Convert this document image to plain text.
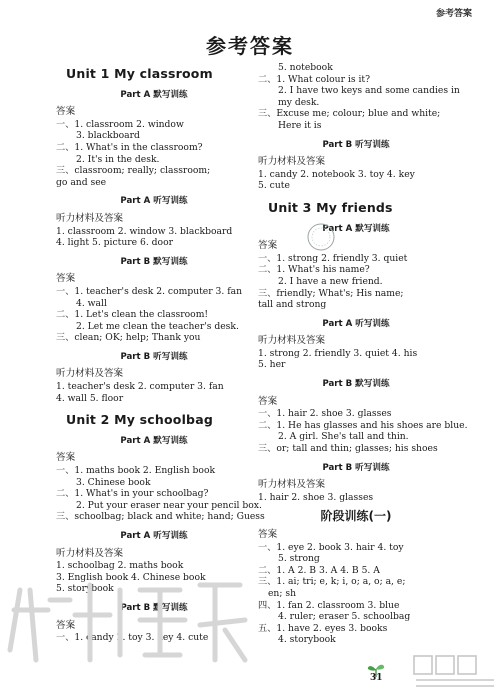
参考答案
参考答案
Unit 1 My classroom
Part A 默写训练
答案
一、1. classroom 2. window
3. blackboard
二、1. What's in the classroom?
2. It's in the desk.
三、classroom; really; classroom;
go and see
Part A 听写训练
听力材料及答案
1. classroom 2. window 3. blackboard
4. light 5. picture 6. door
Part B 默写训练
答案
一、1. teacher's desk 2. computer 3. fan
4. wall
二、1. Let's clean the classroom!
2. Let me clean the teacher's desk.
三、clean; OK; help; Thank you
Part B 听写训练
听力材料及答案
1. teacher's desk 2. computer 3. fan
4. wall 5. floor
Unit 2 My schoolbag
Part A 默写训练
答案
一、1. maths book 2. English book
3. Chinese book
二、1. What's in your schoolbag?
2. Put your eraser near your pencil box.
三、schoolbag; black and white; hand; Guess
Part A 听写训练
听力材料及答案
1. schoolbag 2. maths book
3. English book 4. Chinese book
5. storybook
Part B 默写训练
答案
一、1. candy 2. toy 3. key 4. cute
5. notebook
二、1. What colour is it?
2. I have two keys and some candies in
my desk.
三、Excuse me; colour; blue and white;
Here it is
Part B 听写训练
听力材料及答案
1. candy 2. notebook 3. toy 4. key
5. cute
Unit 3 My friends
Part A 默写训练
答案
一、1. strong 2. friendly 3. quiet
二、1. What's his name?
2. I have a new friend.
三、friendly; What's; His name;
tall and strong
Part A 听写训练
听力材料及答案
1. strong 2. friendly 3. quiet 4. his
5. her
Part B 默写训练
答案
一、1. hair 2. shoe 3. glasses
二、1. He has glasses and his shoes are blue.
2. A girl. She's tall and thin.
三、or; tall and thin; glasses; his shoes
Part B 听写训练
听力材料及答案
1. hair 2. shoe 3. glasses
阶段训练(一)
答案
一、1. eye 2. book 3. hair 4. toy
5. strong
二、1. A 2. B 3. A 4. B 5. A
三、1. ai; tri; e, k; i, o; a, o; a, e;
en; sh
四、1. fan 2. classroom 3. blue
4. ruler; eraser 5. schoolbag
五、1. have 2. eyes 3. books
4. storybook
31
